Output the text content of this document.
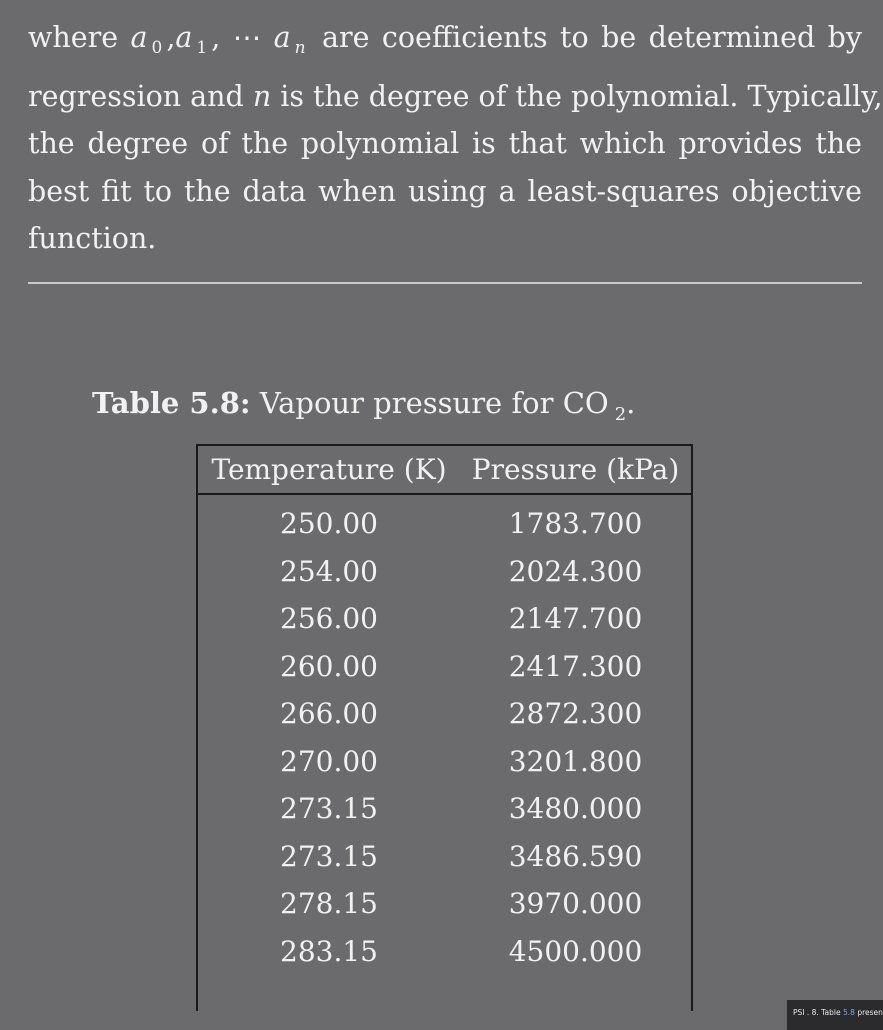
where a $_0$ ,a $_1$ , ⋯ a $_n$ are coefficients to be determined by
regression and n is the degree of the polynomial. Typically,
the degree of the polynomial is that which provides the
best fit to the data when using a least-squares objective
function.
Table 5.8: Vapour pressure for CO $_2$.
Temperature (K) Pressure (kPa)
250.00	1783.700
254.00	2024.300
256.00	2147.700
260.00	2417.300
266.00	2872.300
270.00	3201.800
273.15	3480.000
273.15	3486.590
278.15	3970.000
283.15	4500.000
PSI . 8. Table 5.8 presen
